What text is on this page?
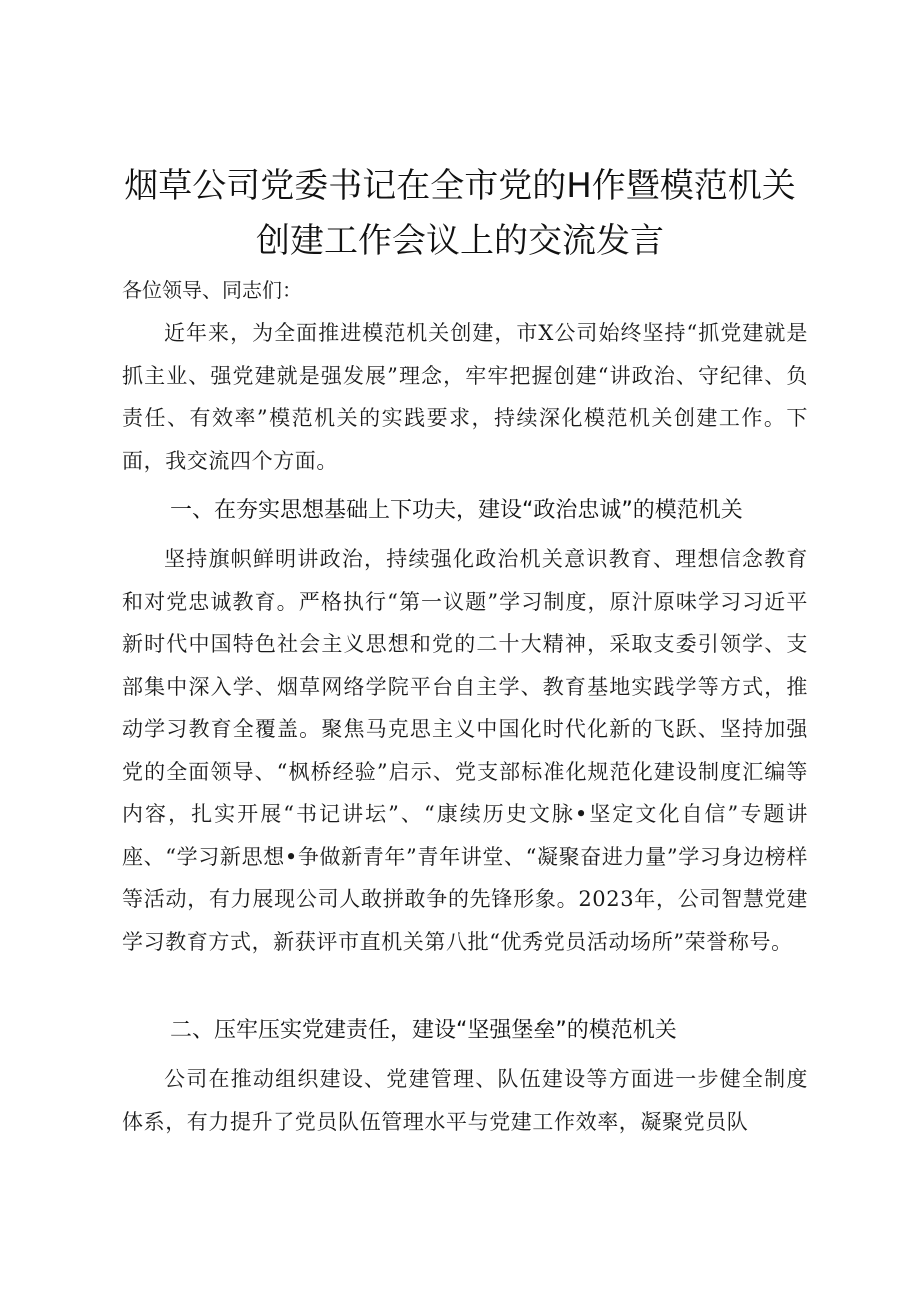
烟草公司党委书记在全市党的H作暨模范机关
创建工作会议上的交流发言
各位领导、同志们：
近年来，为全面推进模范机关创建，市X公司始终坚持“抓党建就是抓主业、强党建就是强发展”理念，牢牢把握创建“讲政治、守纪律、负责任、有效率”模范机关的实践要求，持续深化模范机关创建工作。下面，我交流四个方面。
一、在夯实思想基础上下功夫，建设“政治忠诚”的模范机关
坚持旗帜鲜明讲政治，持续强化政治机关意识教育、理想信念教育和对党忠诚教育。严格执行“第一议题”学习制度，原汁原味学习习近平新时代中国特色社会主义思想和党的二十大精神，采取支委引领学、支部集中深入学、烟草网络学院平台自主学、教育基地实践学等方式，推动学习教育全覆盖。聚焦马克思主义中国化时代化新的飞跃、坚持加强党的全面领导、“枫桥经验”启示、党支部标准化规范化建设制度汇编等内容，扎实开展“书记讲坛”、“康续历史文脉•坚定文化自信”专题讲座、“学习新思想•争做新青年”青年讲堂、“凝聚奋进力量”学习身边榜样等活动，有力展现公司人敢拼敢争的先锋形象。2023年，公司智慧党建学习教育方式，新获评市直机关第八批“优秀党员活动场所”荣誉称号。
二、压牢压实党建责任，建设“坚强堡垒”的模范机关
公司在推动组织建设、党建管理、队伍建设等方面进一步健全制度体系，有力提升了党员队伍管理水平与党建工作效率，凝聚党员队
